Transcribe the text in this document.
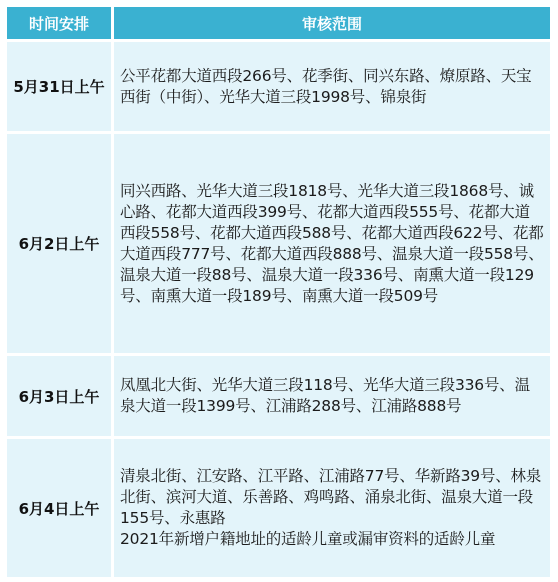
时间安排	审核范围
5月31日上午
公平花都大道西段266号、花季街、同兴东路、燎原路、天宝西街（中街）、光华大道三段1998号、锦泉街
6月2日上午
同兴西路、光华大道三段1818号、光华大道三段1868号、诚心路、花都大道西段399号、花都大道西段555号、花都大道西段558号、花都大道西段588号、花都大道西段622号、花都大道西段777号、花都大道西段888号、温泉大道一段558号、温泉大道一段88号、温泉大道一段336号、南熏大道一段129号、南熏大道一段189号、南熏大道一段509号
6月3日上午
凤凰北大街、光华大道三段118号、光华大道三段336号、温泉大道一段1399号、江浦路288号、江浦路888号
6月4日上午
清泉北街、江安路、江平路、江浦路77号、华新路39号、林泉北街、滨河大道、乐善路、鸡鸣路、涌泉北街、温泉大道一段155号、永惠路
2021年新增户籍地址的适龄儿童或漏审资料的适龄儿童
